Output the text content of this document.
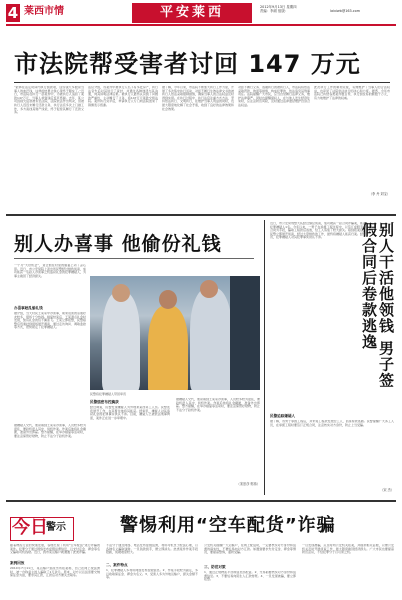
4 莱西市情	平安莱西	2012年9月13日 星期四
责编：李淑 组版：	laixiwb@163.com
市法院帮受害者讨回 147 万元
“能够在法定时间内执行到款项，这些钱大多数是当事人的血汗钱，这样的结果让我心里终于踏实了。”近日，市法院在执行一起案件中，为被执行人追回了案款147万元，当事人拿到钱后连声感谢。去年，某公司因拖欠货款被诉至法院，法院依法作出判决，但被执行人迟迟未履行还款义务，执行法官多次上门做工作，多方查找其财产线索，终于促使其履行了还款义务。
法官介绍，该案件中被执行人名下有多处房产，执行法官先后对其进行了查封，并通过各种途径与其沟通，向其讲明法律后果。被执行人最终认识到了问题的严重性，主动履行了义务，将147万元案款交到法院。案件执行完毕后，申请执行人专门向法院送来了锦旗表示感谢。
据了解，今年以来，市法院不断加大执行工作力度，开展了多次集中执行活动，对拒不履行生效法律文书的被执行人依法采取强制措施，确保当事人的合法权益及时得到实现。在执行过程中，执行法官注重方式方法，坚持依法执行、文明执行，在维护当事人利益的同时，也最大限度地化解了社会矛盾，收到了良好的法律效果和社会效果。
对拒不履行义务、逃避执行的被执行人，市法院将依法采取罚款、拘留等措施，构成犯罪的，依法追究其刑事责任。法院提醒广大市民，应当自觉履行法律义务，维护法律尊严。同时也提醒债权人，在与他人发生经济往来时，应注意防范风险，及时通过法律途径维护自身合法权益。
此次执行工作的顺利完成，有效维护了当事人的合法权益，也彰显了法院依法执行的决心和力度。据悉，今年市法院已执结各类案件数百件，执行到位标的额数千万元，有力地维护了法律的权威。
（李 丹 刘宝）
别人办喜事 他偷份礼钱
一个月“大好机会”，竟让他在村里的婚宴上动了歪心思。近日，市公安局院上派出所民警经过细致侦查，成功抓获一名趁人办喜事之机盗窃礼金的犯罪嫌疑人，为事主挽回了经济损失。
办喜事趁乱偷礼钱
据介绍，当天村民王某家中办喜事，前来贺喜的亲朋好友较多，现场十分热闹。婚宴结束后，王某清点礼金时发现，装有礼金的包不翼而飞。王某立即报警，民警接警后迅速赶到现场展开调查，通过走访询问、调取监控等方式，很快锁定了犯罪嫌疑人。
民警将犯罪嫌疑人带回审讯
民警缜密布控擒获
经过调查，民警发现嫌疑人为外地来莱西务工人员。民警连夜展开工作，在其暂住地将其抓获。经审讯，嫌疑人对其盗窃礼金的犯罪事实供认不讳。目前，嫌疑人已被依法刑事拘留，案件正在进一步审理中。
据嫌疑人交代，他是看到王某家办喜事，人员较多较为混乱，便趁机混入其中，伺机作案。作案后他将礼金藏匿，准备外出挥霍。警方提醒，在举办婚宴等活动时，要注意保管好财物，防止不法分子趁机作案。
（宋崇彦 郭伟）
据嫌疑人交代，他是看到王某家办喜事，人员较多较为混乱，便趁机混入其中，伺机作案。作案后他将礼金藏匿，准备外出挥霍。警方提醒，在举办婚宴等活动时，要注意保管好财物，防止不法分子趁机作案。
别人干活他领钱 男子签假合同后卷款逃逸
近日，市公安局刑警大队经过缜密侦查，成功破获一起合同诈骗案，抓获犯罪嫌疑人1名。今年以来，一男子在承揽工程过程中，以签订虚假劳务合同为手段，骗取工程款后逃逸，给工人造成了较大损失。接到报案后，民警立即展开侦查，经过大量细致的工作，最终将嫌疑人抓获归案。经审讯，犯罪嫌疑人对其犯罪事实供认不讳。
民警追踪嫌疑人
据了解，该男子承揽工程后，并未将工程款发放给工人，而是卷款逃跑。民警提醒广大务工人员，在承揽工程时要签订正规合同，注意核实对方身份，防止上当受骗。
（宋 杰）
今日
警示	警惕利用“空车配货”诈骗
随着物流行业的快速发展，各地出现了利用“空车配货”进行诈骗的案件。犯罪分子通过网络发布虚假货源信息，以支付定金、押金等名义骗取司机钱财。近日，我市某运输户就遭遇了此类诈骗。
案例回放
2010年7月11日，某运输户到派出所报案称，自己在网上找货源时，被一自称货主的人骗取了1万余元。原来，对方以运货需要交纳保证金为由，要求其汇款，汇款后对方便失去联系。
不法分子通过网络、电话发布虚假货源，利用司机急于配货心理，以各种名义骗取钱财。一旦钱款到手，便立即消失。此类案件作案手段隐蔽，侦破难度较大。
二、案件特点
1、犯罪嫌疑人多利用网络发布虚假信息。2、作案手段较为固定，多以收取保证金、押金为名义。3、受害人多为外地运输户，损失金额不等。
公安机关提醒广大运输户，在网上配货时，一定要核实对方身份和货源的真实性，不要轻易向对方汇款。如遇到要求先付定金、押金等情况，要提高警惕，谨防受骗。
三、防范对策
1、通过正规物流平台或信息部配货。2、交易前要核实对方身份和货源信息。3、不要轻易向陌生人汇款转账。4、一旦发现被骗，要立即报警。
一旦发现被骗，应及时向公安机关报案，并提供相关证据，以便公安机关及时开展侦查工作，最大限度挽回经济损失。广大市民也要提高防范意识，不给犯罪分子以可乘之机。
